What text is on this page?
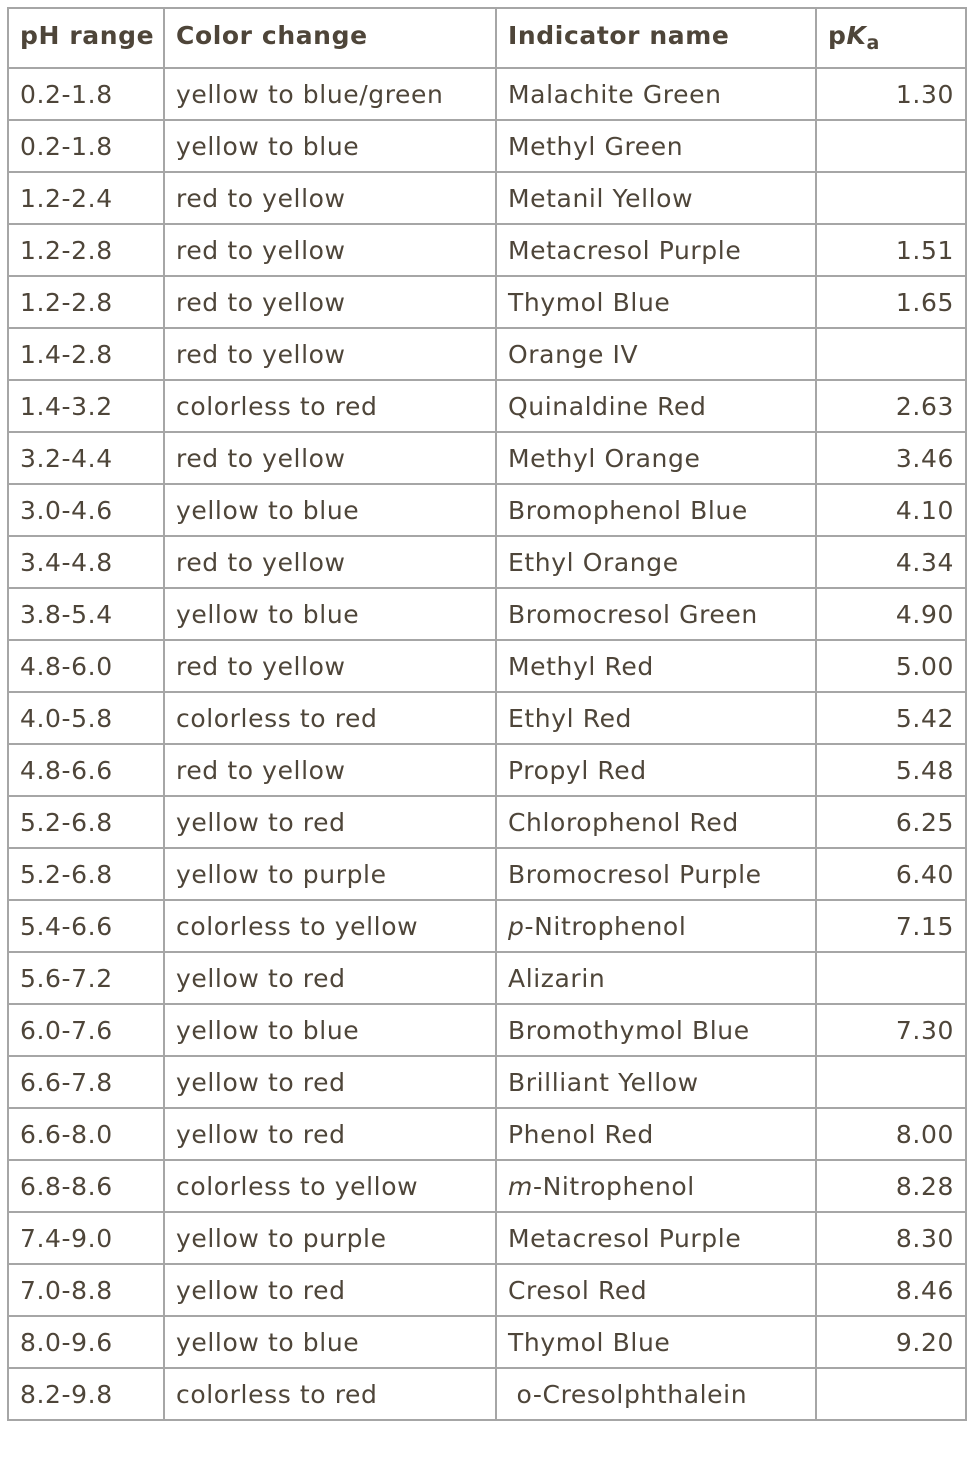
pH range	Color change	Indicator name	$pK_a$
0.2-1.8	yellow to blue/green	Malachite Green	1.30
0.2-1.8	yellow to blue	Methyl Green	
1.2-2.4	red to yellow	Metanil Yellow	
1.2-2.8	red to yellow	Metacresol Purple	1.51
1.2-2.8	red to yellow	Thymol Blue	1.65
1.4-2.8	red to yellow	Orange IV	
1.4-3.2	colorless to red	Quinaldine Red	2.63
3.2-4.4	red to yellow	Methyl Orange	3.46
3.0-4.6	yellow to blue	Bromophenol Blue	4.10
3.4-4.8	red to yellow	Ethyl Orange	4.34
3.8-5.4	yellow to blue	Bromocresol Green	4.90
4.8-6.0	red to yellow	Methyl Red	5.00
4.0-5.8	colorless to red	Ethyl Red	5.42
4.8-6.6	red to yellow	Propyl Red	5.48
5.2-6.8	yellow to red	Chlorophenol Red	6.25
5.2-6.8	yellow to purple	Bromocresol Purple	6.40
5.4-6.6	colorless to yellow	p-Nitrophenol	7.15
5.6-7.2	yellow to red	Alizarin	
6.0-7.6	yellow to blue	Bromothymol Blue	7.30
6.6-7.8	yellow to red	Brilliant Yellow	
6.6-8.0	yellow to red	Phenol Red	8.00
6.8-8.6	colorless to yellow	m-Nitrophenol	8.28
7.4-9.0	yellow to purple	Metacresol Purple	8.30
7.0-8.8	yellow to red	Cresol Red	8.46
8.0-9.6	yellow to blue	Thymol Blue	9.20
8.2-9.8	colorless to red	o-Cresolphthalein	
